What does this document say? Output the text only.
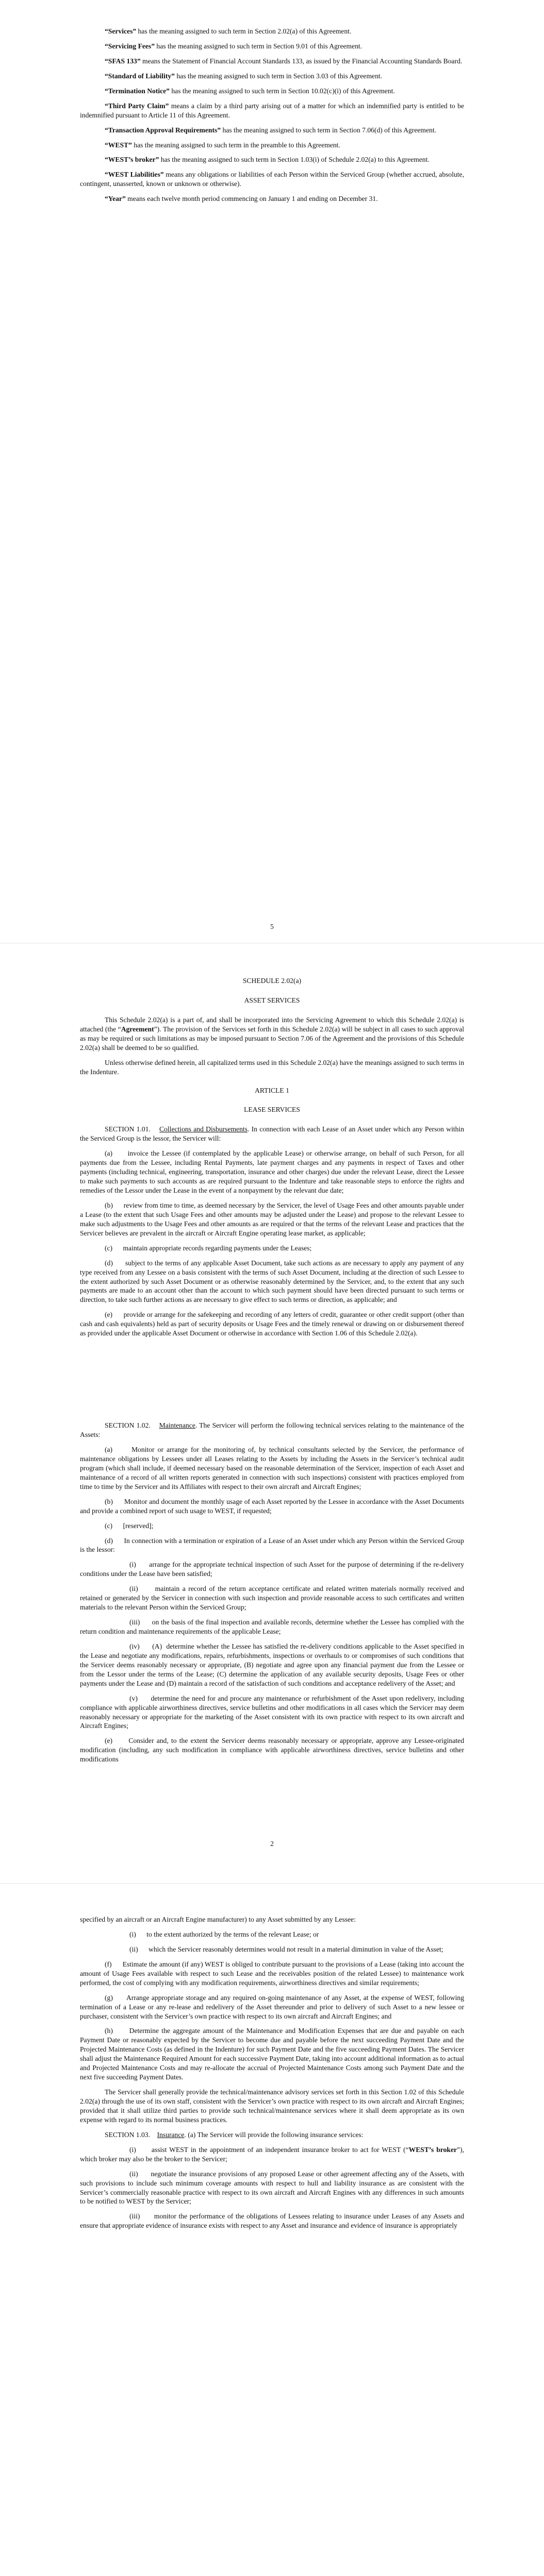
“Services” has the meaning assigned to such term in Section 2.02(a) of this Agreement.

“Servicing Fees” has the meaning assigned to such term in Section 9.01 of this Agreement.

“SFAS 133” means the Statement of Financial Account Standards 133, as issued by the Financial Accounting Standards Board.

“Standard of Liability” has the meaning assigned to such term in Section 3.03 of this Agreement.

“Termination Notice” has the meaning assigned to such term in Section 10.02(c)(i) of this Agreement.

“Third Party Claim” means a claim by a third party arising out of a matter for which an indemnified party is entitled to be indemnified pursuant to Article 11 of this Agreement.

“Transaction Approval Requirements” has the meaning assigned to such term in Section 7.06(d) of this Agreement.

“WEST” has the meaning assigned to such term in the preamble to this Agreement.

“WEST’s broker” has the meaning assigned to such term in Section 1.03(i) of Schedule 2.02(a) to this Agreement.

“WEST Liabilities” means any obligations or liabilities of each Person within the Serviced Group (whether accrued, absolute, contingent, unasserted, known or unknown or otherwise).

“Year” means each twelve month period commencing on January 1 and ending on December 31.

5

SCHEDULE 2.02(a)

ASSET SERVICES

This Schedule 2.02(a) is a part of, and shall be incorporated into the Servicing Agreement to which this Schedule 2.02(a) is attached (the “Agreement”). The provision of the Services set forth in this Schedule 2.02(a) will be subject in all cases to such approval as may be required or such limitations as may be imposed pursuant to Section 7.06 of the Agreement and the provisions of this Schedule 2.02(a) shall be deemed to be so qualified.

Unless otherwise defined herein, all capitalized terms used in this Schedule 2.02(a) have the meanings assigned to such terms in the Indenture.

ARTICLE 1

LEASE SERVICES

SECTION 1.01. Collections and Disbursements. In connection with each Lease of an Asset under which any Person within the Serviced Group is the lessor, the Servicer will:

(a)      invoice the Lessee (if contemplated by the applicable Lease) or otherwise arrange, on behalf of such Person, for all payments due from the Lessee, including Rental Payments, late payment charges and any payments in respect of Taxes and other payments (including technical, engineering, transportation, insurance and other charges) due under the relevant Lease, direct the Lessee to make such payments to such accounts as are required pursuant to the Indenture and take reasonable steps to enforce the rights and remedies of the Lessor under the Lease in the event of a nonpayment by the relevant due date;

(b)      review from time to time, as deemed necessary by the Servicer, the level of Usage Fees and other amounts payable under a Lease (to the extent that such Usage Fees and other amounts may be adjusted under the Lease) and propose to the relevant Lessee to make such adjustments to the Usage Fees and other amounts as are required or that the terms of the relevant Lease and practices that the Servicer believes are prevalent in the aircraft or Aircraft Engine operating lease market, as applicable;

(c)      maintain appropriate records regarding payments under the Leases;

(d)      subject to the terms of any applicable Asset Document, take such actions as are necessary to apply any payment of any type received from any Lessee on a basis consistent with the terms of such Asset Document, including at the direction of such Lessee to the extent authorized by such Asset Document or as otherwise reasonably determined by the Servicer, and, to the extent that any such payments are made to an account other than the account to which such payment should have been directed pursuant to such terms or direction, to take such further actions as are necessary to give effect to such terms or direction, as applicable; and

(e)      provide or arrange for the safekeeping and recording of any letters of credit, guarantee or other credit support (other than cash and cash equivalents) held as part of security deposits or Usage Fees and the timely renewal or drawing on or disbursement thereof as provided under the applicable Asset Document or otherwise in accordance with Section 1.06 of this Schedule 2.02(a).

SECTION 1.02. Maintenance. The Servicer will perform the following technical services relating to the maintenance of the Assets:

(a)      Monitor or arrange for the monitoring of, by technical consultants selected by the Servicer, the performance of maintenance obligations by Lessees under all Leases relating to the Assets by including the Assets in the Servicer’s technical audit program (which shall include, if deemed necessary based on the reasonable determination of the Servicer, inspection of each Asset and maintenance of a record of all written reports generated in connection with such inspections) consistent with practices employed from time to time by the Servicer and its Affiliates with respect to their own aircraft and Aircraft Engines;

(b)      Monitor and document the monthly usage of each Asset reported by the Lessee in accordance with the Asset Documents and provide a combined report of such usage to WEST, if requested;

(c)      [reserved];

(d)      In connection with a termination or expiration of a Lease of an Asset under which any Person within the Serviced Group is the lessor:

(i)      arrange for the appropriate technical inspection of such Asset for the purpose of determining if the re-delivery conditions under the Lease have been satisfied;

(ii)      maintain a record of the return acceptance certificate and related written materials normally received and retained or generated by the Servicer in connection with such inspection and provide reasonable access to such certificates and written materials to the relevant Person within the Serviced Group;

(iii)      on the basis of the final inspection and available records, determine whether the Lessee has complied with the return condition and maintenance requirements of the applicable Lease;

(iv)      (A)  determine whether the Lessee has satisfied the re-delivery conditions applicable to the Asset specified in the Lease and negotiate any modifications, repairs, refurbishments, inspections or overhauls to or compromises of such conditions that the Servicer deems reasonably necessary or appropriate, (B) negotiate and agree upon any financial payment due from the Lessee or from the Lessor under the terms of the Lease; (C) determine the application of any available security deposits, Usage Fees or other payments under the Lease and (D) maintain a record of the satisfaction of such conditions and acceptance redelivery of the Asset; and

(v)      determine the need for and procure any maintenance or refurbishment of the Asset upon redelivery, including compliance with applicable airworthiness directives, service bulletins and other modifications in all cases which the Servicer may deem reasonably necessary or appropriate for the marketing of the Asset consistent with its own practice with respect to its own aircraft and Aircraft Engines;

(e)      Consider and, to the extent the Servicer deems reasonably necessary or appropriate, approve any Lessee-originated modification (including, any such modification in compliance with applicable airworthiness directives, service bulletins and other modifications

2

specified by an aircraft or an Aircraft Engine manufacturer) to any Asset submitted by any Lessee:

(i)      to the extent authorized by the terms of the relevant Lease; or

(ii)      which the Servicer reasonably determines would not result in a material diminution in value of the Asset;

(f)      Estimate the amount (if any) WEST is obliged to contribute pursuant to the provisions of a Lease (taking into account the amount of Usage Fees available with respect to such Lease and the receivables position of the related Lessee) to maintenance work performed, the cost of complying with any modification requirements, airworthiness directives and similar requirements;

(g)      Arrange appropriate storage and any required on-going maintenance of any Asset, at the expense of WEST, following termination of a Lease or any re-lease and redelivery of the Asset thereunder and prior to delivery of such Asset to a new lessee or purchaser, consistent with the Servicer’s own practice with respect to its own aircraft and Aircraft Engines; and

(h)      Determine the aggregate amount of the Maintenance and Modification Expenses that are due and payable on each Payment Date or reasonably expected by the Servicer to become due and payable before the next succeeding Payment Date and the Projected Maintenance Costs (as defined in the Indenture) for such Payment Date and the five succeeding Payment Dates. The Servicer shall adjust the Maintenance Required Amount for each successive Payment Date, taking into account additional information as to actual and Projected Maintenance Costs and may re-allocate the accrual of Projected Maintenance Costs among such Payment Date and the next five succeeding Payment Dates.

The Servicer shall generally provide the technical/maintenance advisory services set forth in this Section 1.02 of this Schedule 2.02(a) through the use of its own staff, consistent with the Servicer’s own practice with respect to its own aircraft and Aircraft Engines; provided that it shall utilize third parties to provide such technical/maintenance services where it shall deem appropriate as its own expense with regard to its normal business practices.

SECTION 1.03. Insurance. (a) The Servicer will provide the following insurance services:

(i)      assist WEST in the appointment of an independent insurance broker to act for WEST (“WEST’s broker”), which broker may also be the broker to the Servicer;

(ii)      negotiate the insurance provisions of any proposed Lease or other agreement affecting any of the Assets, with such provisions to include such minimum coverage amounts with respect to hull and liability insurance as are consistent with the Servicer’s commercially reasonable practice with respect to its own aircraft and Aircraft Engines with any differences in such amounts to be notified to WEST by the Servicer;

(iii)      monitor the performance of the obligations of Lessees relating to insurance under Leases of any Assets and ensure that appropriate evidence of insurance exists with respect to any Asset and insurance and evidence of insurance is appropriately
